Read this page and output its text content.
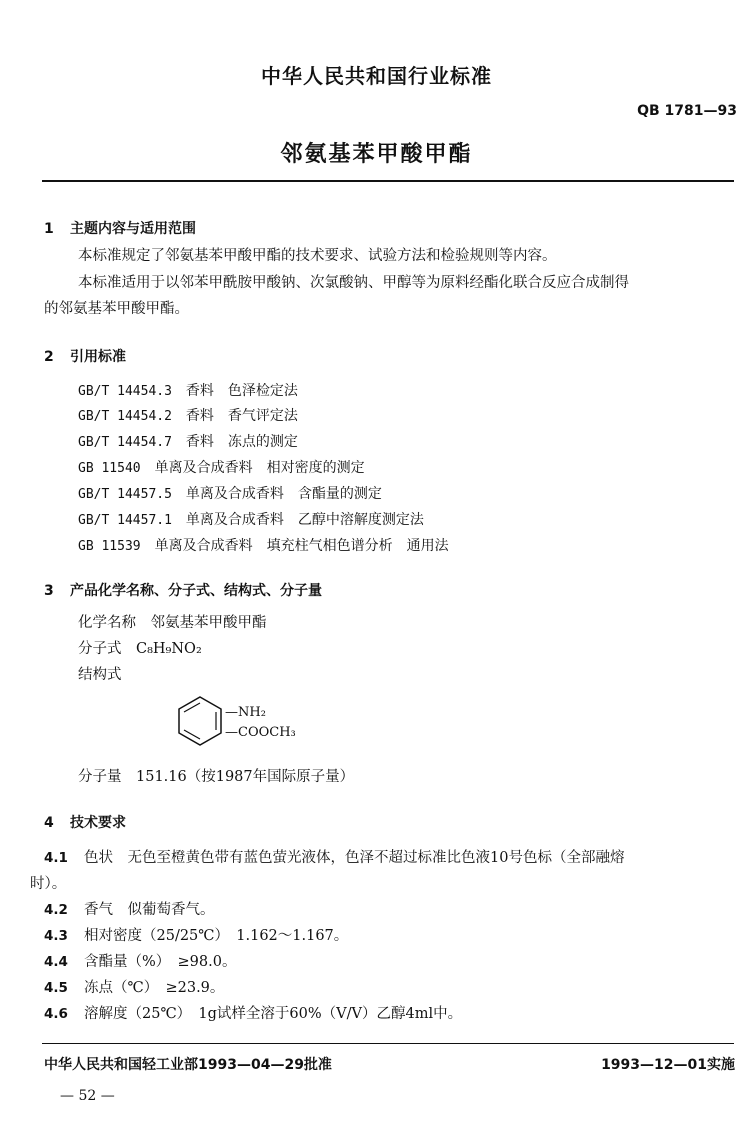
中华人民共和国行业标准
QB 1781—93
邻氨基苯甲酸甲酯
1 主题内容与适用范围
本标准规定了邻氨基苯甲酸甲酯的技术要求、试验方法和检验规则等内容。
本标准适用于以邻苯甲酰胺甲酸钠、次氯酸钠、甲醇等为原料经酯化联合反应合成制得
的邻氨基苯甲酸甲酯。
2 引用标准
GB/T 14454.3　 香料　色泽检定法
GB/T 14454.2　 香料　香气评定法
GB/T 14454.7　 香料　冻点的测定
GB 11540　 单离及合成香料　相对密度的测定
GB/T 14457.5　 单离及合成香料　含酯量的测定
GB/T 14457.1　 单离及合成香料　乙醇中溶解度测定法
GB 11539　 单离及合成香料　填充柱气相色谱分析　通用法
3 产品化学名称、分子式、结构式、分子量
化学名称　 邻氨基苯甲酸甲酯
分子式　 C₈H₉NO₂
结构式
—NH₂
—COOCH₃
分子量　 151.16（按1987年国际原子量）
4 技术要求
4.1 色状　无色至橙黄色带有蓝色萤光液体，色泽不超过标准比色液10号色标（全部融熔
时）。
4.2 香气　似葡萄香气。
4.3 相对密度（25/25℃）　1.162～1.167。
4.4 含酯量（%）　≥98.0。
4.5 冻点（℃）　≥23.9。
4.6 溶解度（25℃）　1g试样全溶于60%（V/V）乙醇4ml中。
中华人民共和国轻工业部1993—04—29批准	1993—12—01实施
— 52 —
